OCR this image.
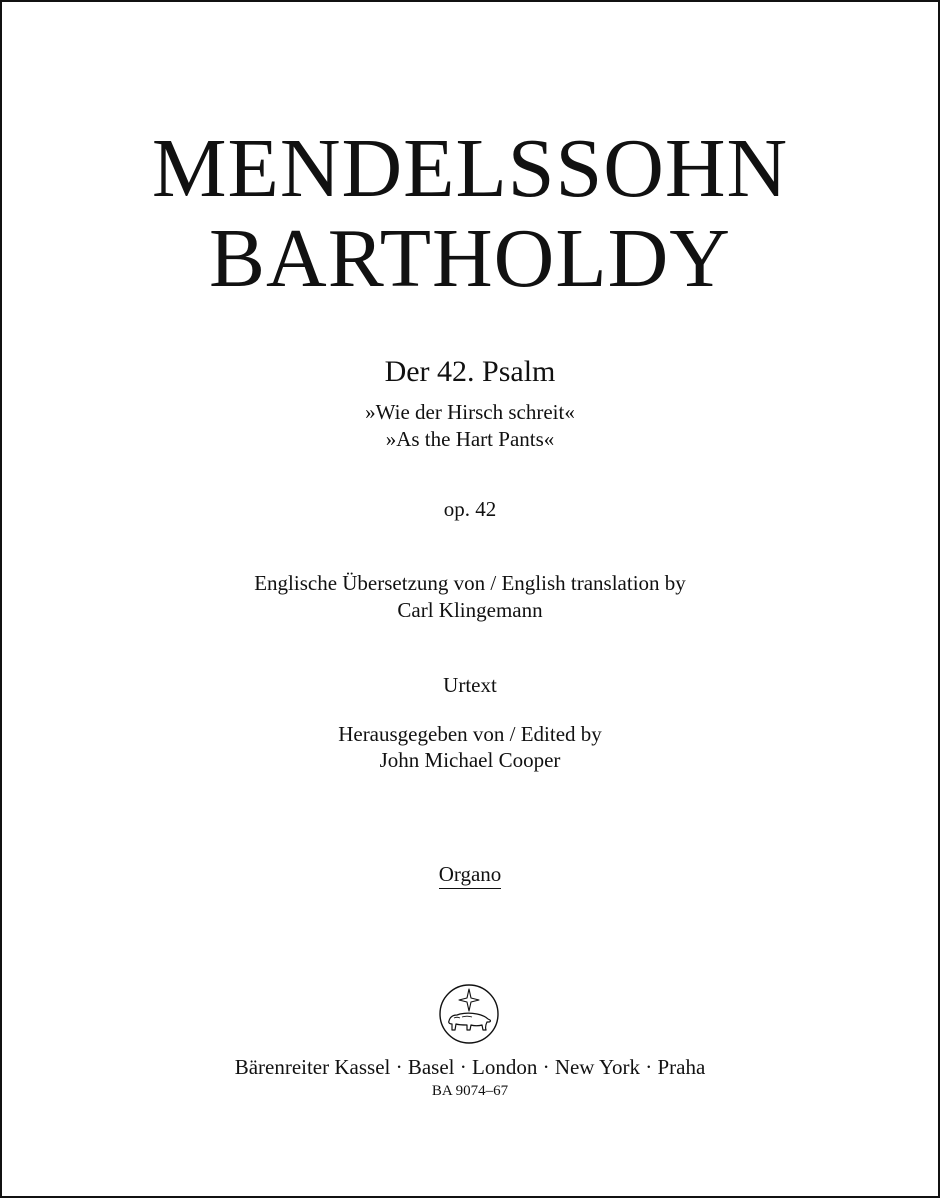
MENDELSSOHN
BARTHOLDY
Der 42. Psalm
»Wie der Hirsch schreit«
»As the Hart Pants«
op. 42
Englische Übersetzung von / English translation by
Carl Klingemann
Urtext
Herausgegeben von / Edited by
John Michael Cooper
Organo
Bärenreiter Kassel · Basel · London · New York · Praha
BA 9074–67
